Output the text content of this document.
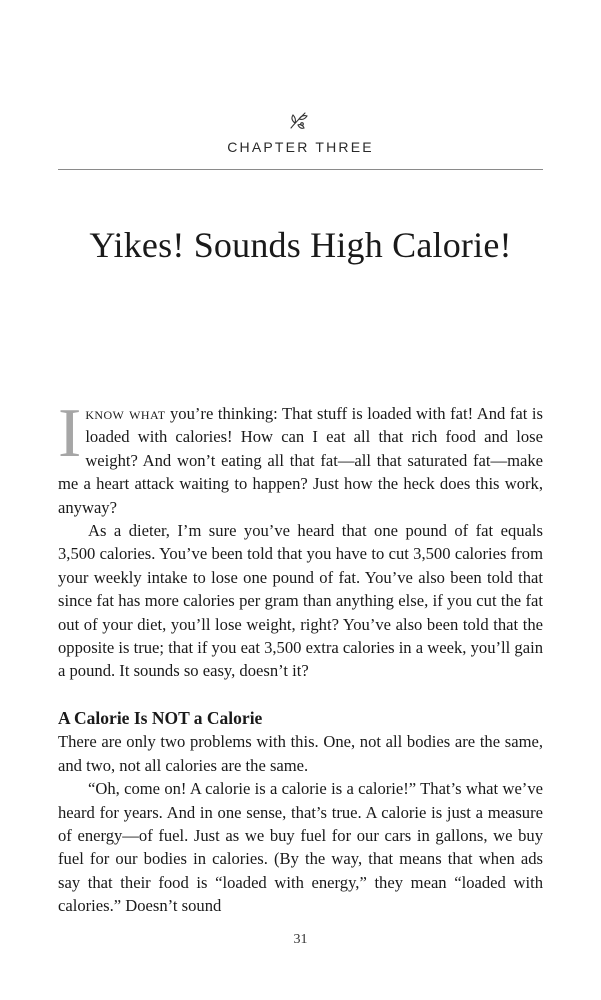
CHAPTER THREE
Yikes! Sounds High Calorie!

Iknow what you’re thinking: That stuff is loaded with fat! And fat is loaded with calories! How can I eat all that rich food and lose weight? And won’t eating all that fat—all that saturated fat—make me a heart attack waiting to happen? Just how the heck does this work, anyway?

As a dieter, I’m sure you’ve heard that one pound of fat equals 3,500 calories. You’ve been told that you have to cut 3,500 calories from your weekly intake to lose one pound of fat. You’ve also been told that since fat has more calories per gram than anything else, if you cut the fat out of your diet, you’ll lose weight, right? You’ve also been told that the opposite is true; that if you eat 3,500 extra calories in a week, you’ll gain a pound. It sounds so easy, doesn’t it?

A Calorie Is NOT a Calorie

There are only two problems with this. One, not all bodies are the same, and two, not all calories are the same.

“Oh, come on! A calorie is a calorie is a calorie!” That’s what we’ve heard for years. And in one sense, that’s true. A calorie is just a measure of energy—of fuel. Just as we buy fuel for our cars in gallons, we buy fuel for our bodies in calories. (By the way, that means that when ads say that their food is “loaded with energy,” they mean “loaded with calories.” Doesn’t sound

31
